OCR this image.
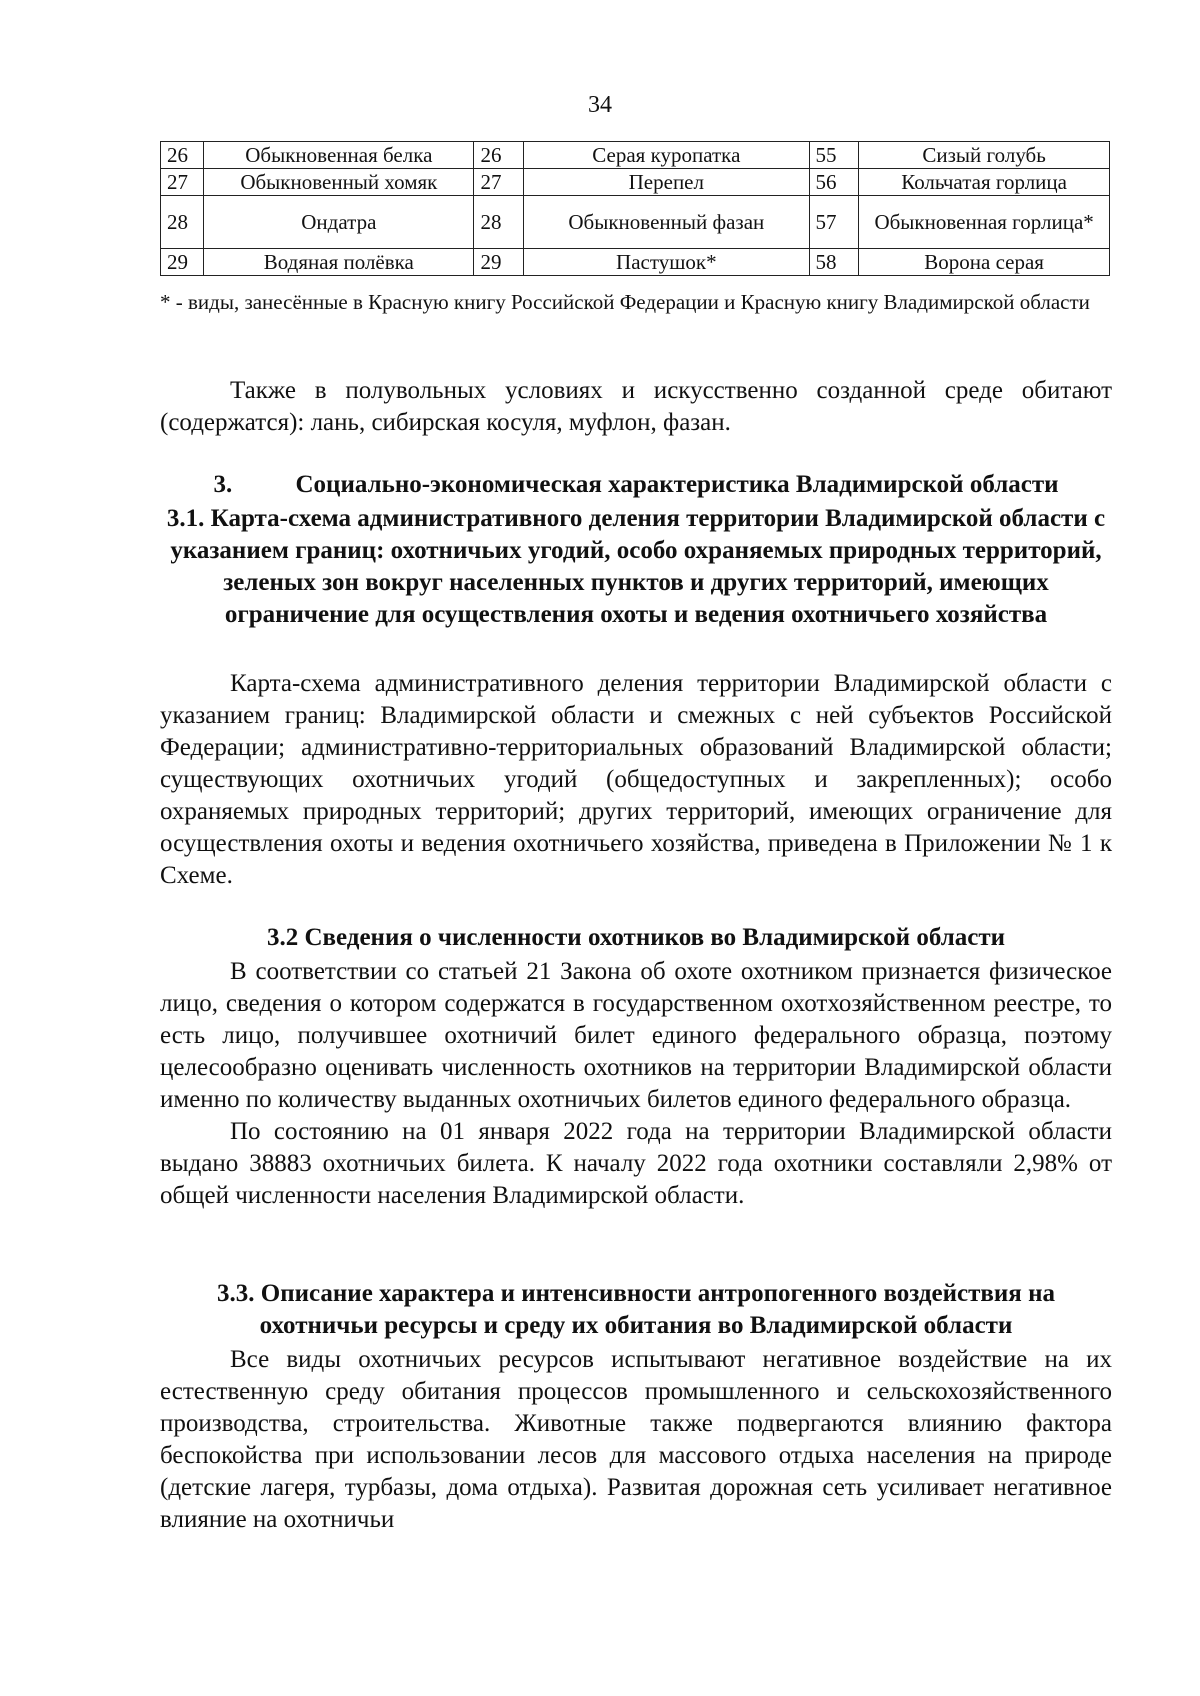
34
26	Обыкновенная белка	26	Серая куропатка	55	Сизый голубь
27	Обыкновенный хомяк	27	Перепел	56	Кольчатая горлица
28	Ондатра	28	Обыкновенный фазан	57	Обыкновенная горлица*
29	Водяная полёвка	29	Пастушок*	58	Ворона серая
* - виды, занесённые в Красную книгу Российской Федерации и Красную книгу Владимирской области

Также в полувольных условиях и искусственно созданной среде обитают (содержатся): лань, сибирская косуля, муфлон, фазан.

3.	Социально-экономическая характеристика Владимирской области
3.1. Карта-схема административного деления территории Владимирской области с указанием границ: охотничьих угодий, особо охраняемых природных территорий, зеленых зон вокруг населенных пунктов и других территорий, имеющих ограничение для осуществления охоты и ведения охотничьего хозяйства

Карта-схема административного деления территории Владимирской области с указанием границ: Владимирской области и смежных с ней субъектов Российской Федерации; административно-территориальных образований Владимирской области; существующих охотничьих угодий (общедоступных и закрепленных); особо охраняемых природных территорий; других территорий, имеющих ограничение для осуществления охоты и ведения охотничьего хозяйства, приведена в Приложении № 1 к Схеме.

3.2 Сведения о численности охотников во Владимирской области

В соответствии со статьей 21 Закона об охоте охотником признается физическое лицо, сведения о котором содержатся в государственном охотхозяйственном реестре, то есть лицо, получившее охотничий билет единого федерального образца, поэтому целесообразно оценивать численность охотников на территории Владимирской области именно по количеству выданных охотничьих билетов единого федерального образца.

По состоянию на 01 января 2022 года на территории Владимирской области выдано 38883 охотничьих билета. К началу 2022 года охотники составляли 2,98% от общей численности населения Владимирской области.

3.3. Описание характера и интенсивности антропогенного воздействия на охотничьи ресурсы и среду их обитания во Владимирской области

Все виды охотничьих ресурсов испытывают негативное воздействие на их естественную среду обитания процессов промышленного и сельскохозяйственного производства, строительства. Животные также подвергаются влиянию фактора беспокойства при использовании лесов для массового отдыха населения на природе (детские лагеря, турбазы, дома отдыха). Развитая дорожная сеть усиливает негативное влияние на охотничьи
